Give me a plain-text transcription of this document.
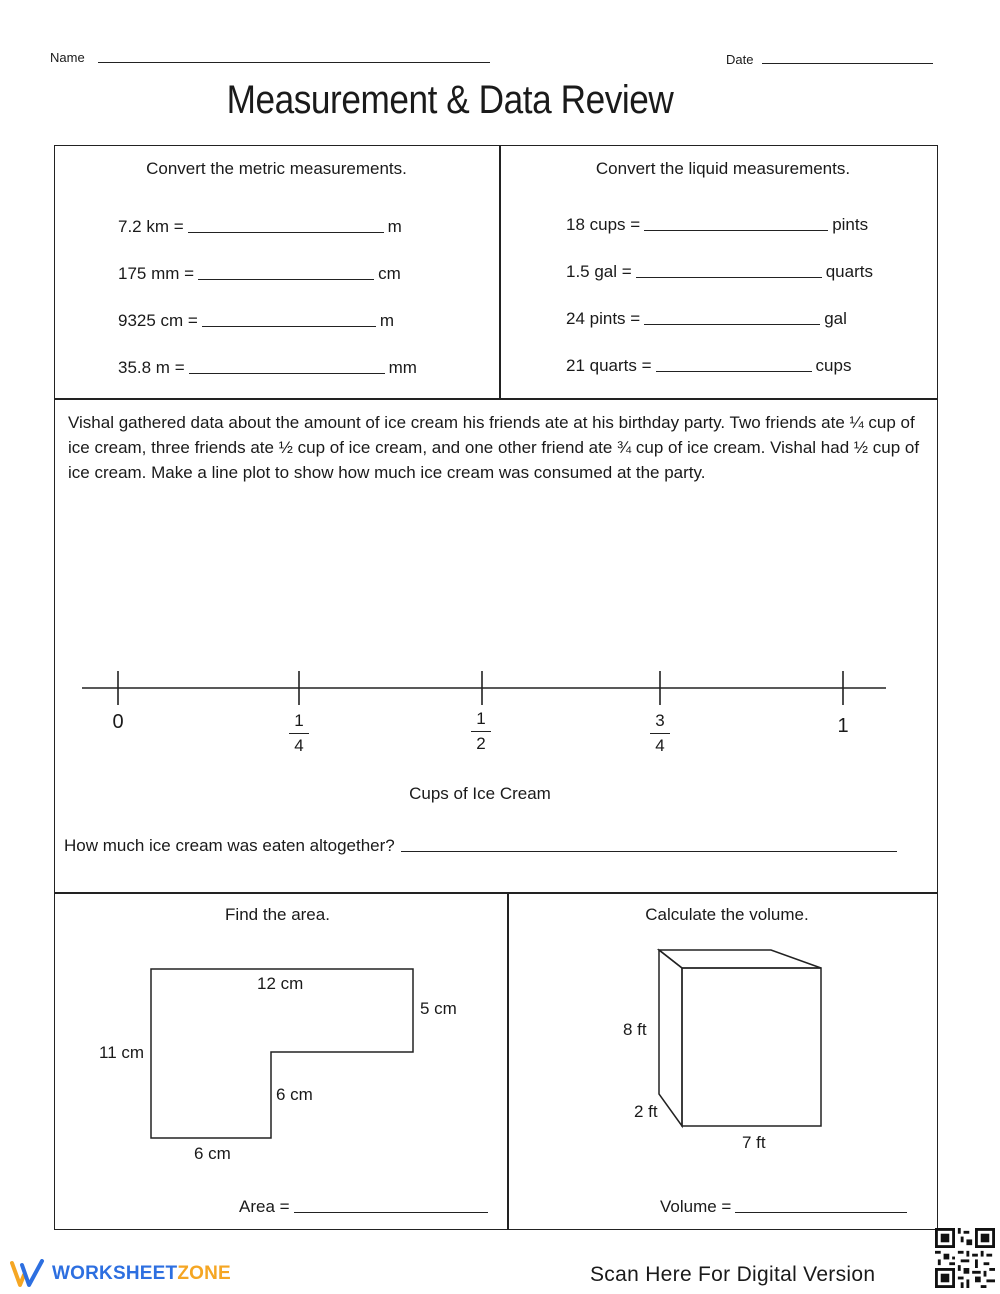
Name	Date
Measurement & Data Review
Convert the metric measurements.	Convert the liquid measurements.
7.2 km =	m
175 mm =	cm
9325 cm =	m
35.8 m =	mm
18 cups =	pints
1.5 gal =	quarts
24 pints =	gal
21 quarts =	cups
Vishal gathered data about the amount of ice cream his friends ate at his birthday party. Two friends ate ¼ cup of ice cream, three friends ate ½ cup of ice cream, and one other friend ate ¾ cup of ice cream. Vishal had ½ cup of ice cream. Make a line plot to show how much ice cream was consumed at the party.
0	1
4
1
2
3
4
1
Cups of Ice Cream
How much ice cream was eaten altogether?
Find the area.	Calculate the volume.
12 cm
5 cm
11 cm
6 cm
6 cm
Area =
8 ft
2 ft
7 ft
Volume =
WORKSHEETZONE	Scan Here For Digital Version
